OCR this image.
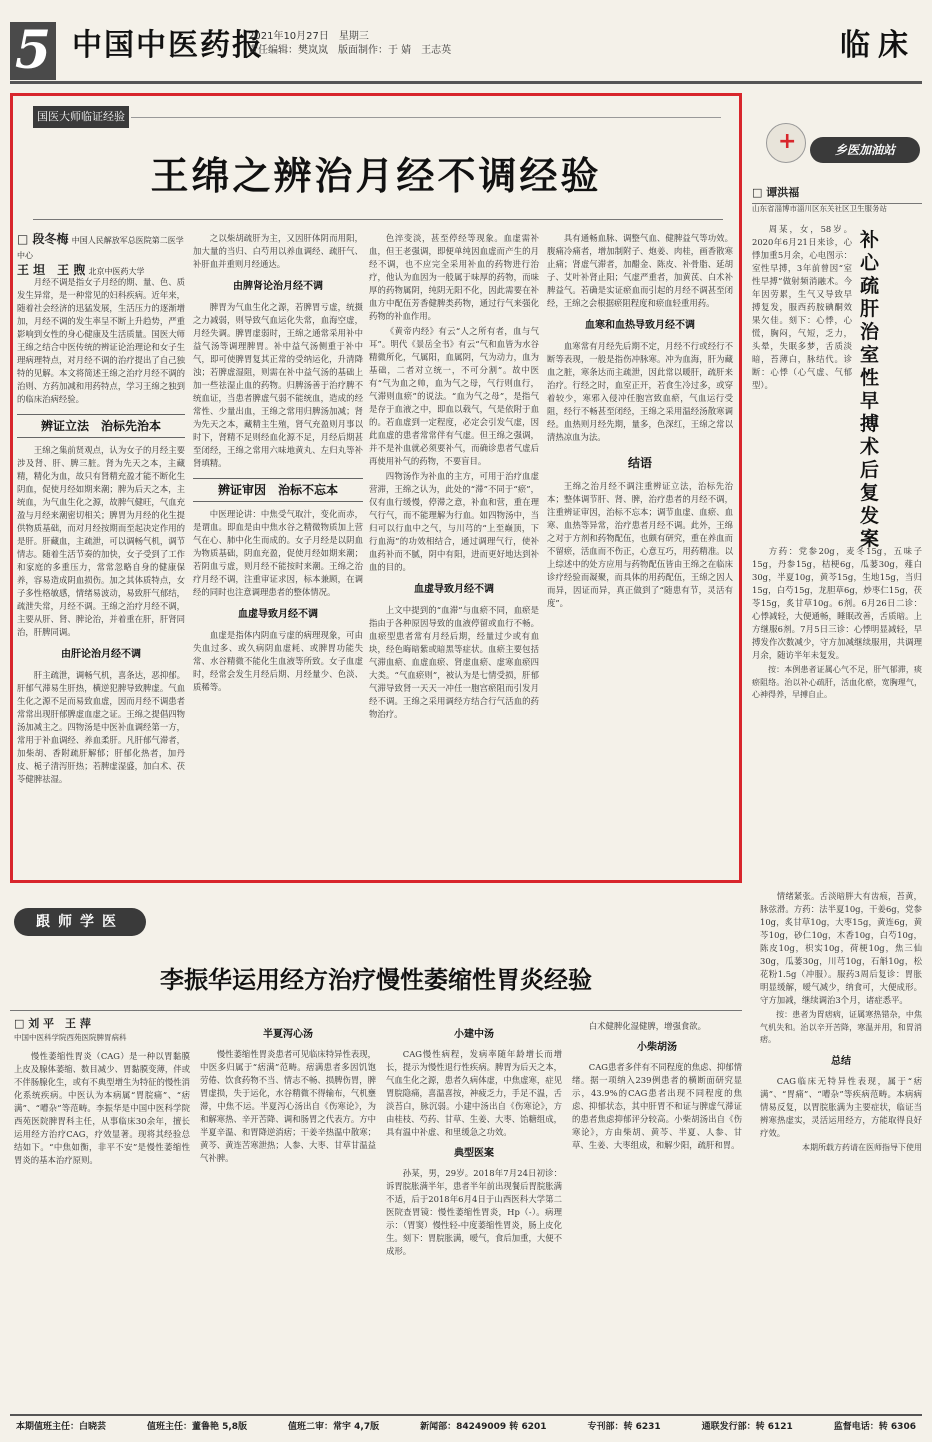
5 中国中医药报
2021年10月27日　星期三
责任编辑：樊岚岚　版面制作：于 婧　王志英	临床
国医大师临证经验
王绵之辨治月经不调经验
□ 段冬梅 中国人民解放军总医院第二医学中心
王 坦　王 煦 北京中医药大学

月经不调是指女子月经的期、量、色、质发生异常，是一种常见的妇科疾病。近年来，随着社会经济的迅猛发展，生活压力的逐渐增加，月经不调的发生率呈不断上升趋势，严重影响到女性的身心健康及生活质量。国医大师王绵之结合中医传统的辨证论治理论和女子生理病理特点，对月经不调的治疗提出了自己独特的见解。本文将简述王绵之治疗月经不调的治则、方药加减和用药特点，学习王绵之独到的临床治病经验。

辨证立法　治标先治本

王绵之集前贤观点，认为女子的月经主要涉及肾、肝、脾三脏。肾为先天之本，主藏精，精化为血，故只有肾精充盈才能不断化生阴血，促使月经如期来潮；脾为后天之本，主统血，为气血生化之源，故脾气健旺，气血充盈与月经来潮密切相关；脾胃为月经的化生提供物质基础，而对月经按期而至起决定作用的是肝。肝藏血，主疏泄，可以调畅气机，调节情志。随着生活节奏的加快，女子受到了工作和家庭的多重压力，常常忽略自身的健康保养，容易造成阴血损伤。加之其体质特点，女子多性格敏感，情绪易波动，易致肝气郁结，疏泄失常，月经不调。王绵之治疗月经不调，主要从肝、肾、脾论治，并着重在肝，肝肾同治，肝脾同调。

由肝论治月经不调

肝主疏泄，调畅气机，喜条达，恶抑郁。肝郁气滞易生肝热，横逆犯脾导致脾虚。气血生化之源不足而易致血虚，因而月经不调患者常常出现肝郁脾虚血虚之证。王绵之提倡四物汤加减主之。四物汤是中医补血调经第一方，常用于补血调经、养血柔肝。凡肝郁气滞者，加柴胡、香附疏肝解郁；肝郁化热者，加丹皮、栀子清泻肝热；若脾虚湿盛，加白术、茯苓健脾祛湿。

之以柴胡疏肝为主，又因肝体阴而用阳，加大量的当归、白芍用以养血调经、疏肝气、补肝血并重则月经通达。

由脾肾论治月经不调

脾胃为气血生化之源，若脾胃亏虚，统摄之力减弱，则导致气血运化失常，血海空虚，月经失调。脾胃虚弱时，王绵之通常采用补中益气汤等调理脾胃。补中益气汤侧重于补中气，即可使脾胃复其正常的受纳运化，升清降浊；若脾虚湿阻，则需在补中益气汤的基础上加一些祛湿止血的药物。归脾汤善于治疗脾不统血证，当患者脾虚气弱不能统血，造成的经常性、少量出血，王绵之常用归脾汤加减；肾为先天之本，藏精主生殖，肾气充盈则月事以时下，肾精不足则经血化源不足，月经后期甚至闭经，王绵之常用六味地黄丸、左归丸等补肾填精。

辨证审因　治标不忘本

中医理论讲：中焦受气取汁，变化而赤，是谓血。即血是由中焦水谷之精微物质加上营气在心、肺中化生而成的。女子月经是以阴血为物质基础，阴血充盈，促使月经如期来潮；若阴血亏虚，则月经不能按时来潮。王绵之治疗月经不调，注重审证求因，标本兼顾，在调经的同时也注意调理患者的整体情况。

血虚导致月经不调

血虚是指体内阴血亏虚的病理现象，可由失血过多、或久病阴血虚耗、或脾胃功能失常、水谷精微不能化生血液等所致。女子血虚时，经常会发生月经后期、月经量少、色淡、质稀等。

色淬变淡，甚至停经等现象。血虚需补血，但王老强调，即便单纯因血虚而产生的月经不调，也不应完全采用补血的药物进行治疗，他认为血因为一般属于味厚的药物，而味厚的药物属阴，纯阴无阳不化，因此需要在补血方中配伍芳香健脾类药物，通过行气来强化药物的补血作用。

《黄帝内经》有云“人之所有者，血与气耳”。明代《景岳全书》有云“气和血皆为水谷精微所化，气属阳，血属阴，气为动力，血为基础，二者对立统一，不可分割”。故中医有“气为血之帅，血为气之母，气行则血行，气滞则血瘀”的说法。“血为气之母”，是指气是存于血液之中，即血以载气，气是依附于血的。若血虚到一定程度，必定会引发气虚，因此血虚的患者常常伴有气虚。但王绵之强调，并不是补血就必须要补气，而确诊患者气虚后再使用补气的药物，不要盲目。

四物汤作为补血的主方，可用于治疗血虚营滞，王绵之认为，此处的“滞”不同于“瘀”，仅有血行缓慢，停滞之意，补血和营，重在理气行气，而不能理解为行血。如四物汤中，当归可以行血中之气，与川芎的“上至巅顶，下行血海”的功效相结合，通过调理气行，使补血药补而不腻，阴中有阳，进而更好地达到补血的目的。

血虚导致月经不调

上文中提到的“血滞”与血瘀不同，血瘀是指由于各种原因导致的血液停留或血行不畅。血瘀型患者常有月经后期，经量过少或有血块，经色晦暗紫或暗黑等症状。血瘀主要包括气滞血瘀、血虚血瘀、肾虚血瘀、虚寒血瘀四大类。“气血瘀则”，被认为是七情受损，肝郁气滞导致肾一天天一冲任一胞宫瘀阻而引发月经不调。王绵之采用调经方结合行气活血的药物治疗。

具有通畅血脉、调整气血、健脾益气等功效。腹痛冷痛者，增加制附子、炮姜、肉桂，画香散寒止痛；肾虚气滞者，加醋金、陈皮、补骨脂、延胡子、艾叶补肾止阳；气虚严重者，加黄芪、白术补脾益气。若确是实证瘀血而引起的月经不调甚至闭经，王绵之会根据瘀阻程度和瘀血轻重用药。

血寒和血热导致月经不调

血寒常有月经先后期不定，月经不行或经行不断等表现，一般是指伤冲脉寒。冲为血海，肝为藏血之脏，寒条达而主疏泄，因此常以暖肝，疏肝来治疗。行经之时，血室正开，若食生冷过多，或穿着较少，寒邪入侵冲任胞宫致血瘀，气血运行受阻，经行不畅甚至闭经，王绵之采用温经汤散寒调经。血热则月经先期，量多，色深红，王绵之常以清热凉血为法。

结语

王绵之治月经不调注重辨证立法，治标先治本；整体调节肝、肾、脾，治疗患者的月经不调，注重辨证审因，治标不忘本；调节血虚、血瘀、血寒、血热等异常，治疗患者月经不调。此外，王绵之对于方剂和药物配伍，也颇有研究，重在养血而不留瘀，活血而不伤正，心意互巧，用药精准。以上综述中的处方应用与药物配伍皆由王绵之在临床诊疗经验而凝聚，而具体的用药配伍，王绵之因人而异，因证而异，真正做到了“随患有节，灵活有度”。

+
乡医加油站
□ 谭洪福
山东省淄博市淄川区东关社区卫生服务站

周某，女，58岁。2020年6月21日来诊，心悸加重5月余，心电图示：室性早搏，3年前曾因“室性早搏”做射频消融术。今年因劳累，生气又导致早搏复发，服西药胺碘酮效果欠佳。刻下：心悸，心慌，胸闷，气短，乏力，头晕，失眠多梦，舌质淡暗，苔薄白，脉结代。诊断：心悸（心气虚、气郁型）。

补心疏肝治室性早搏术后复发案

方药：党参20g，麦冬15g，五味子15g，丹参15g，桔梗6g，瓜蒌30g，薤白30g，半夏10g，黄芩15g，生地15g，当归15g，白芍15g，龙胆草6g，炒枣仁15g，茯苓15g，炙甘草10g。6剂。6月26日二诊：心悸减轻，大便通畅，睡眠改善，舌质暗。上方继服6剂。7月5日三诊：心悸明显减轻，早搏发作次数减少，守方加减继续服用，共调理月余，随访半年未复发。

按：本例患者证属心气不足，肝气郁滞，痰瘀阻络。治以补心疏肝，活血化瘀，宽胸理气，心神得养，早搏自止。

跟师学医
李振华运用经方治疗慢性萎缩性胃炎经验
□ 刘 平　王 萍
中国中医科学院西苑医院脾胃病科

慢性萎缩性胃炎（CAG）是一种以胃黏膜上皮及腺体萎缩、数目减少、胃黏膜变薄，伴或不伴肠腺化生，或有不典型增生为特征的慢性消化系统疾病。中医认为本病属“胃脘痛”、“痞满”、“嘈杂”等范畴。李振华是中国中医科学院西苑医院脾胃科主任，从事临床30余年，擅长运用经方治疗CAG，疗效显著。现将其经验总结如下。“中焦如衡，非平不安”是慢性萎缩性胃炎的基本治疗原则。

半夏泻心汤

慢性萎缩性胃炎患者可见临床特异性表现，中医多归属于“痞满”范畴。痞满患者多因饥饱劳倦、饮食药物不当、情志不畅、损脾伤胃，脾胃虚损，失于运化，水谷精微不得输布，气机壅滞，中焦不运。半夏泻心汤出自《伤寒论》，为和解寒热、辛开苦降、调和肠胃之代表方。方中半夏辛温、和胃降逆消痞；干姜辛热温中散寒；黄芩、黄连苦寒泄热；人参、大枣、甘草甘温益气补脾。

小建中汤

CAG慢性病程，发病率随年龄增长而增长，提示为慢性退行性疾病。脾胃为后天之本，气血生化之源，患者久病体虚，中焦虚寒，症见胃脘隐痛，喜温喜按，神疲乏力，手足不温，舌淡苔白，脉沉弱。小建中汤出自《伤寒论》，方由桂枝、芍药、甘草、生姜、大枣、饴糖组成，具有温中补虚、和里缓急之功效。

典型医案

孙某，男，29岁。2018年7月24日初诊：诉胃脘胀满半年，患者半年前出现餐后胃脘胀满不适，后于2018年6月4日于山西医科大学第二医院查胃镜：慢性萎缩性胃炎，Hp（-）。病理示：（胃窦）慢性轻-中度萎缩性胃炎，肠上皮化生。刻下：胃脘胀满，嗳气，食后加重，大便不成形。

白术健脾化湿健脾，增强食欲。

小柴胡汤

CAG患者多伴有不同程度的焦虑、抑郁情绪。据一项纳入239例患者的横断面研究显示，43.9%的CAG患者出现不同程度的焦虑、抑郁状态，其中肝胃不和证与脾虚气滞证的患者焦虑抑郁评分较高。小柴胡汤出自《伤寒论》，方由柴胡、黄芩、半夏、人参、甘草、生姜、大枣组成，和解少阳，疏肝和胃。

情绪紧张。舌淡暗胖大有齿痕，苔黄，脉弦滑。方药：法半夏10g，干姜6g，党参10g，炙甘草10g，大枣15g，黄连6g，黄芩10g，砂仁10g，木香10g，白芍10g，陈皮10g，枳实10g，荷梗10g，焦三仙30g，瓜蒌30g，川芎10g，石斛10g，松花粉1.5g（冲服）。服药3周后复诊：胃胀明显缓解，嗳气减少，纳食可，大便成形。守方加减，继续调治3个月，诸症悉平。

按：患者为胃痞病，证属寒热错杂，中焦气机失和。治以辛开苦降，寒温并用，和胃消痞。

总结

CAG临床无特异性表现，属于“痞满”、“胃痛”、“嘈杂”等疾病范畴。本病病情易反复，以胃脘胀满为主要症状，临证当辨寒热虚实，灵活运用经方，方能取得良好疗效。

本期所载方药请在医师指导下使用

本期值班主任：白晓芸	值班主任：董鲁艳 5,8版	值班二审：常宇 4,7版	新闻部：84249009 转 6201	专刊部：转 6231	通联发行部：转 6121	监督电话：转 6306
